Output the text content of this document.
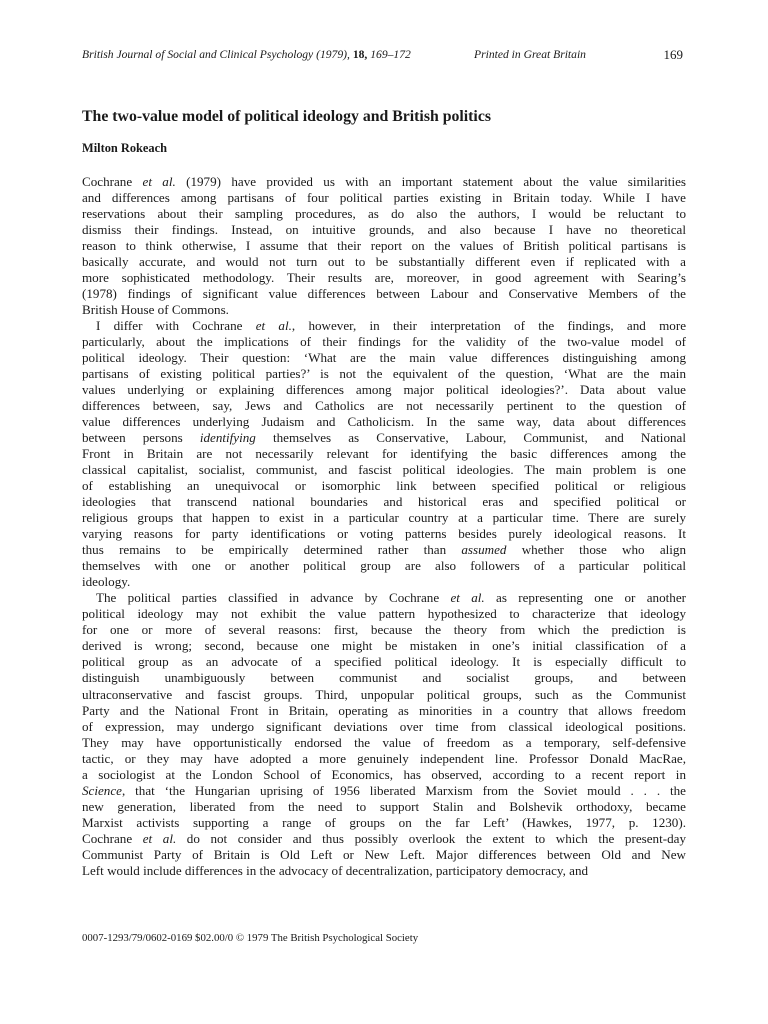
British Journal of Social and Clinical Psychology (1979), 18, 169–172	Printed in Great Britain	169
The two-value model of political ideology and British politics
Milton Rokeach
Cochrane et al. (1979) have provided us with an important statement about the value similarities
and differences among partisans of four political parties existing in Britain today. While I have
reservations about their sampling procedures, as do also the authors, I would be reluctant to
dismiss their findings. Instead, on intuitive grounds, and also because I have no theoretical
reason to think otherwise, I assume that their report on the values of British political partisans is
basically accurate, and would not turn out to be substantially different even if replicated with a
more sophisticated methodology. Their results are, moreover, in good agreement with Searing’s
(1978) findings of significant value differences between Labour and Conservative Members of the
British House of Commons.
I differ with Cochrane et al., however, in their interpretation of the findings, and more
particularly, about the implications of their findings for the validity of the two-value model of
political ideology. Their question: ‘What are the main value differences distinguishing among
partisans of existing political parties?’ is not the equivalent of the question, ‘What are the main
values underlying or explaining differences among major political ideologies?’. Data about value
differences between, say, Jews and Catholics are not necessarily pertinent to the question of
value differences underlying Judaism and Catholicism. In the same way, data about differences
between persons identifying themselves as Conservative, Labour, Communist, and National
Front in Britain are not necessarily relevant for identifying the basic differences among the
classical capitalist, socialist, communist, and fascist political ideologies. The main problem is one
of establishing an unequivocal or isomorphic link between specified political or religious
ideologies that transcend national boundaries and historical eras and specified political or
religious groups that happen to exist in a particular country at a particular time. There are surely
varying reasons for party identifications or voting patterns besides purely ideological reasons. It
thus remains to be empirically determined rather than assumed whether those who align
themselves with one or another political group are also followers of a particular political
ideology.
The political parties classified in advance by Cochrane et al. as representing one or another
political ideology may not exhibit the value pattern hypothesized to characterize that ideology
for one or more of several reasons: first, because the theory from which the prediction is
derived is wrong; second, because one might be mistaken in one’s initial classification of a
political group as an advocate of a specified political ideology. It is especially difficult to
distinguish unambiguously between communist and socialist groups, and between
ultraconservative and fascist groups. Third, unpopular political groups, such as the Communist
Party and the National Front in Britain, operating as minorities in a country that allows freedom
of expression, may undergo significant deviations over time from classical ideological positions.
They may have opportunistically endorsed the value of freedom as a temporary, self-defensive
tactic, or they may have adopted a more genuinely independent line. Professor Donald MacRae,
a sociologist at the London School of Economics, has observed, according to a recent report in
Science, that ‘the Hungarian uprising of 1956 liberated Marxism from the Soviet mould . . . the
new generation, liberated from the need to support Stalin and Bolshevik orthodoxy, became
Marxist activists supporting a range of groups on the far Left’ (Hawkes, 1977, p. 1230).
Cochrane et al. do not consider and thus possibly overlook the extent to which the present-day
Communist Party of Britain is Old Left or New Left. Major differences between Old and New
Left would include differences in the advocacy of decentralization, participatory democracy, and
0007-1293/79/0602-0169 $02.00/0 © 1979 The British Psychological Society
